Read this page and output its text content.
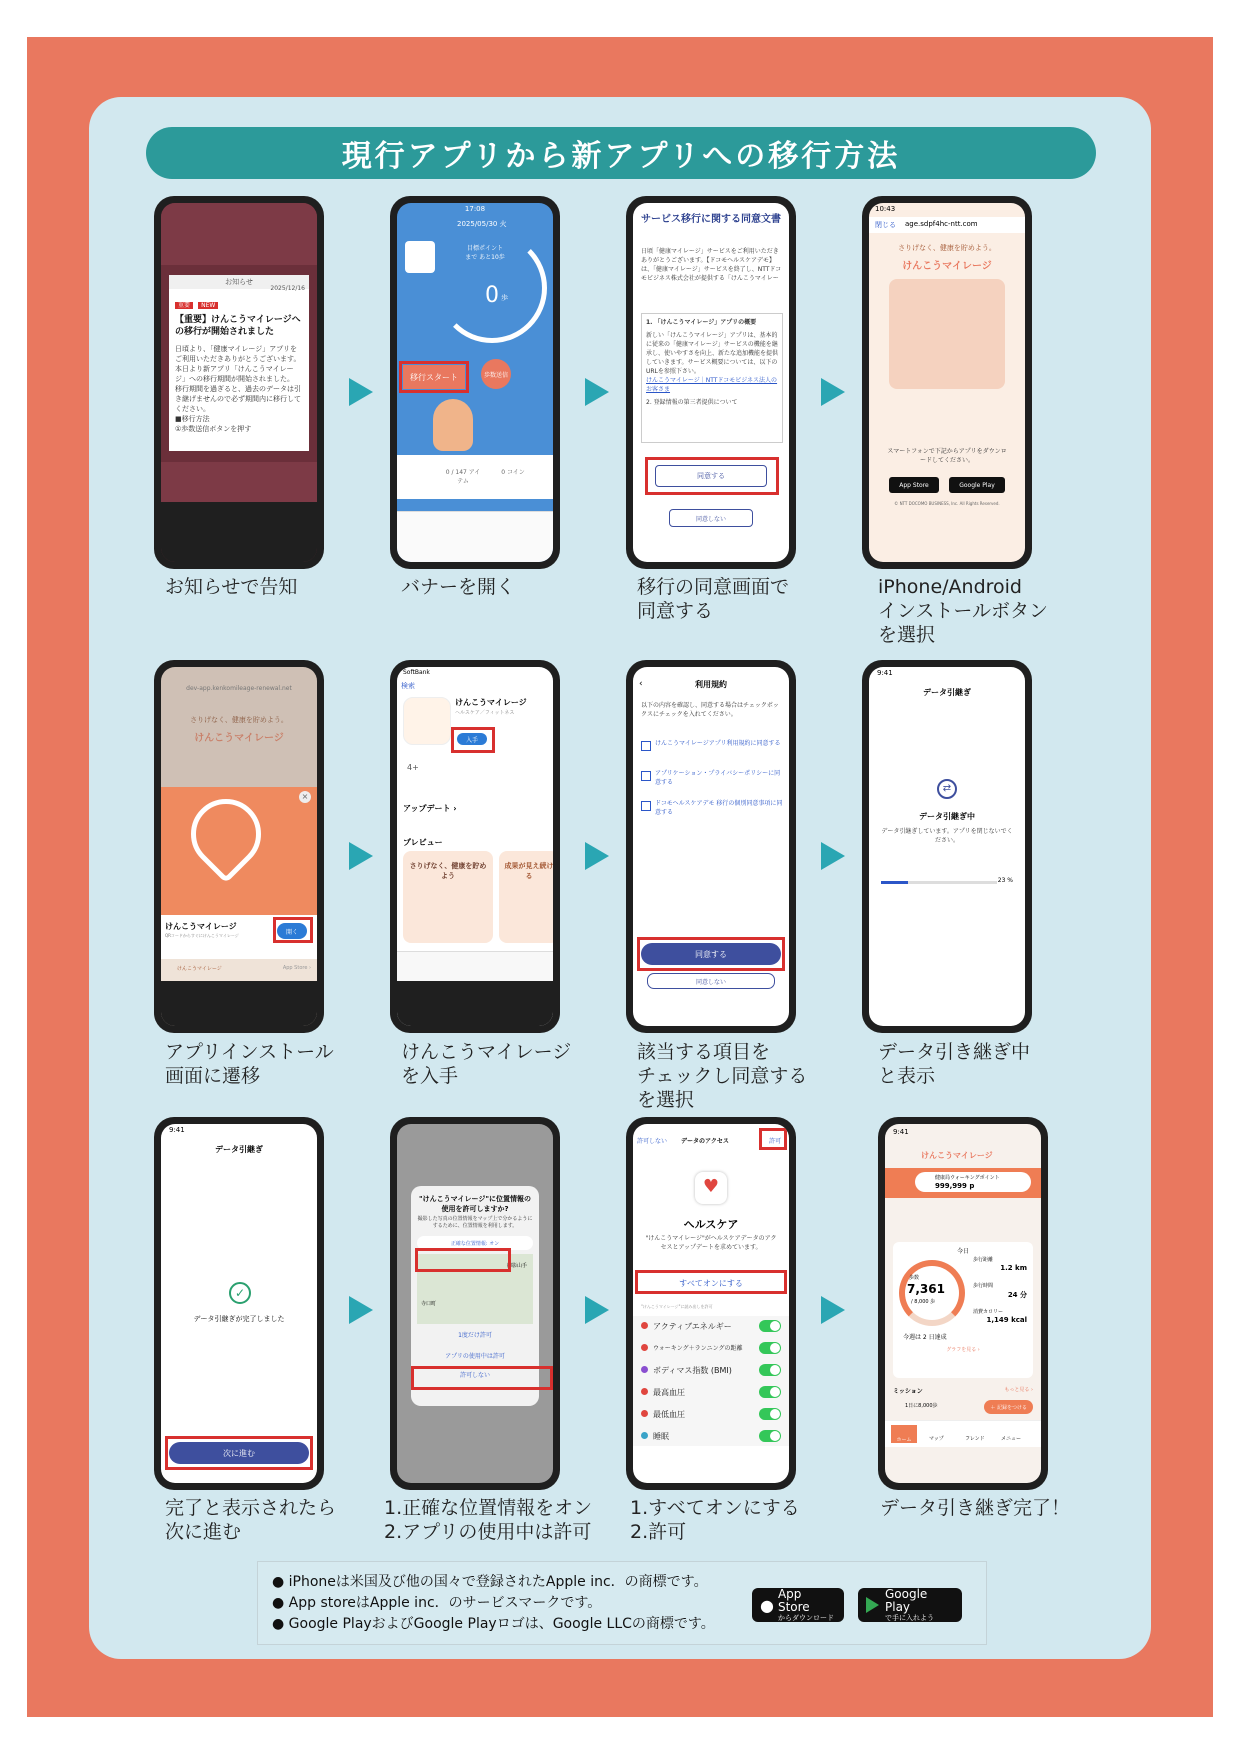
現行アプリから新アプリへの移行方法
お知らせ
2025/12/16
重要 NEW
【重要】けんこうマイレージへの移行が開始されました
日頃より、「健康マイレージ」アプリをご利用いただきありがとうございます。
本日より新アプリ「けんこうマイレージ」への移行期間が開始されました。
移行期間を過ぎると、過去のデータは引き継げませんので必ず期間内に移行してください。
■移行方法
①歩数送信ボタンを押す
17:08
2025/05/30 火
目標ポイントまで あと10歩
0 歩
移行スタート	歩数送信
0 / 147 アイテム
0 コイン
サービス移行に関する同意文書
日頃「健康マイレージ」サービスをご利用いただきありがとうございます。【ドコモヘルスケアデモ】は、「健康マイレージ」サービスを終了し、NTTドコモビジネス株式会社が提供する「けんこうマイレー
1. 「けんこうマイレージ」アプリの概要
新しい「けんこうマイレージ」アプリは、基本的に従来の「健康マイレージ」サービスの機能を継承し、使いやすさを向上、新たな追加機能を提供していきます。サービス概要については、以下のURLを参照下さい。
けんこうマイレージ｜NTTドコモビジネス法人のお客さま
2. 登録情報の第三者提供について
同意する
同意しない
10:43
閉じる age.sdpf4hc-ntt.com
さりげなく、健康を貯めよう。
けんこうマイレージ
スマートフォンで下記からアプリをダウンロードしてください。
App Store	Google Play
© NTT DOCOMO BUSINESS, Inc. All Rights Reserved.
お知らせで告知	バナーを開く	移行の同意画面で
同意する
iPhone/Android
インストールボタン
を選択
dev-app.kenkomileage-renewal.net
さりげなく、健康を貯めよう。
けんこうマイレージ
×
けんこうマイレージ
QRコードからすぐにけんこうマイレージ	開く
けんこうマイレージ	App Store ›
SoftBank
検索
けんこうマイレージ
ヘルスケア／フィットネス
入手
4+
アップデート ›
プレビュー
さりげなく、健康を貯めよう
成果が見え続ける
‹	利用規約
以下の内容を確認し、同意する場合はチェックボックスにチェックを入れてください。
けんこうマイレージアプリ利用規約に同意する
アプリケーション・プライバシーポリシーに同意する
ドコモヘルスケアデモ 移行の個別同意事項に同意する
同意する
同意しない
9:41
データ引継ぎ
⇄
データ引継ぎ中
データ引継ぎしています。アプリを閉じないでください。
23 %
アプリインストール
画面に遷移
けんこうマイレージ
を入手
該当する項目を
チェックし同意する
を選択
データ引き継ぎ中
と表示
9:41
データ引継ぎ
✓
データ引継ぎが完了しました
次に進む
"けんこうマイレージ"に位置情報の使用を許可しますか?
撮影した写真の位置情報をマップ上で分かるようにするために、位置情報を利用します。
正確な位置情報: オン
御影山手
寺口町
1度だけ許可
アプリの使用中は許可
許可しない
許可しない データのアクセス	許可
♥
ヘルスケア
"けんこうマイレージ"がヘルスケアデータのアクセスとアップデートを求めています。
すべてオンにする
"けんこうマイレージ"に読み出しを許可
アクティブエネルギー
ウォーキング＋ランニングの距離
ボディマス指数 (BMI)
最高血圧
最低血圧
睡眠
9:41
けんこうマイレージ
健康局ウォーキングポイント
999,999 p
今日
歩数
7,361
/ 8,000 歩
歩行距離
1.2 km
歩行時間
24 分
消費カロリー
1,149 kcal
今週は 2 日達成
グラフを見る ›
ミッション	もっと見る ›
1日に8,000歩	＋ 記録をつける
ホーム	マップ	フレンド	メニュー
完了と表示されたら
次に進む
1.正確な位置情報をオン
2.アプリの使用中は許可
1.すべてオンにする
2.許可
データ引き継ぎ完了！
● iPhoneは米国及び他の国々で登録されたApple inc．の商標です。
● App storeはApple inc．のサービスマークです。
● Google PlayおよびGoogle Playロゴは、Google LLCの商標です。
●
App Store
からダウンロード
Google Play
で手に入れよう
